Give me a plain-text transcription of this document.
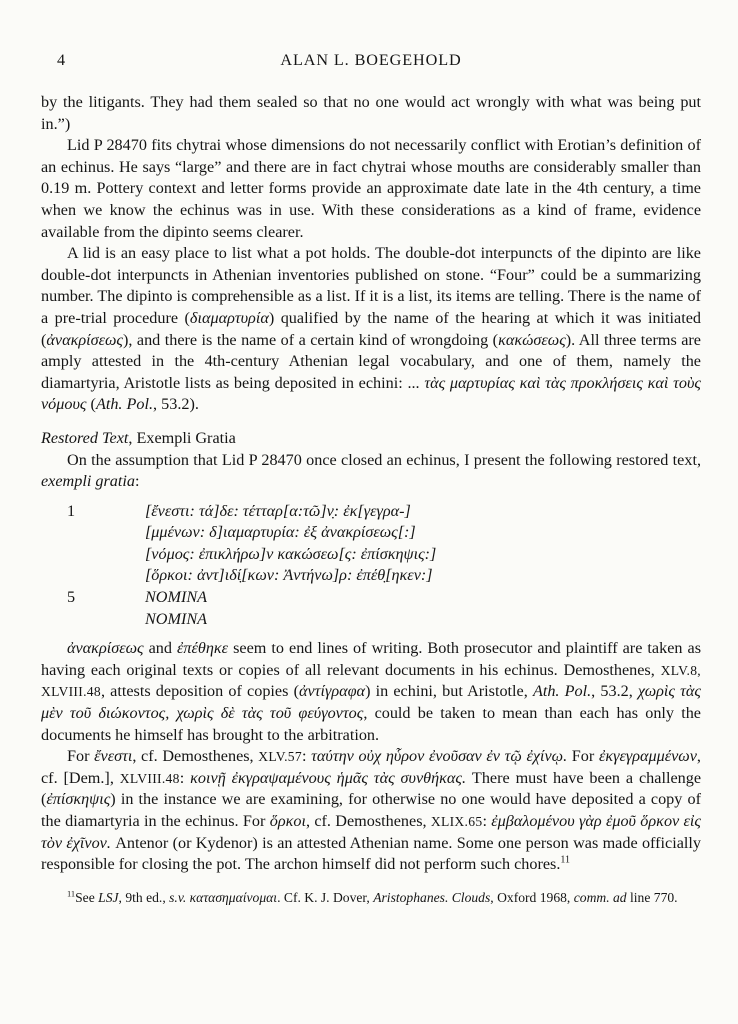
4	ALAN L. BOEGEHOLD

by the litigants. They had them sealed so that no one would act wrongly with what was being put in.”)

Lid P 28470 fits chytrai whose dimensions do not necessarily conflict with Erotian’s definition of an echinus. He says “large” and there are in fact chytrai whose mouths are considerably smaller than 0.19 m. Pottery context and letter forms provide an approximate date late in the 4th century, a time when we know the echinus was in use. With these considerations as a kind of frame, evidence available from the dipinto seems clearer.

A lid is an easy place to list what a pot holds. The double-dot interpuncts of the dipinto are like double-dot interpuncts in Athenian inventories published on stone. “Four” could be a summarizing number. The dipinto is comprehensible as a list. If it is a list, its items are telling. There is the name of a pre-trial procedure (διαμαρτυρία) qualified by the name of the hearing at which it was initiated (ἀνακρίσεως), and there is the name of a certain kind of wrongdoing (κακώσεως). All three terms are amply attested in the 4th-century Athenian legal vocabulary, and one of them, namely the diamartyria, Aristotle lists as being deposited in echini: ... τὰς μαρτυρίας καὶ τὰς προκλήσεις καὶ τοὺς νόμους (Ath. Pol., 53.2).

Restored Text, Exempli Gratia

On the assumption that Lid P 28470 once closed an echinus, I present the following restored text, exempli gratia:

1	[ἔνεστι: τά]δε: τέτταρ[α:τῶ]ν̣: ἐκ[γεγρα-]
[μμένων: δ]ιαμαρτυρία: ἐξ ἀνακρίσεως[:]
[νόμος: ἐπικλήρω]ν κακώσεω[ς: ἐπίσκηψις:]
[ὅρκοι: ἀντ]ιδί̣[κων: Ἀντήνω]ρ: ἐπέθ̣[ηκεν:]
5	NOMINA
NOMINA

ἀνακρίσεως and ἐπέθηκε seem to end lines of writing. Both prosecutor and plaintiff are taken as having each original texts or copies of all relevant documents in his echinus. Demosthenes, XLV.8, XLVIII.48, attests deposition of copies (ἀντίγραφα) in echini, but Aristotle, Ath. Pol., 53.2, χωρὶς τὰς μὲν τοῦ διώκοντος, χωρὶς δὲ τὰς τοῦ φεύγοντος, could be taken to mean than each has only the documents he himself has brought to the arbitration.

For ἔνεστι, cf. Demosthenes, XLV.57: ταύτην οὐχ ηὗρον ἐνοῦσαν ἐν τῷ ἐχίνῳ. For ἐκγεγραμμένων, cf. [Dem.], XLVIII.48: κοινῇ ἐκγραψαμένους ἡμᾶς τὰς συνθήκας. There must have been a challenge (ἐπίσκηψις) in the instance we are examining, for otherwise no one would have deposited a copy of the diamartyria in the echinus. For ὅρκοι, cf. Demosthenes, XLIX.65: ἐμβαλομένου γὰρ ἐμοῦ ὅρκον εἰς τὸν ἐχῖνον. Antenor (or Kydenor) is an attested Athenian name. Some one person was made officially responsible for closing the pot. The archon himself did not perform such chores.$^{11}$

$^{11}$See LSJ, 9th ed., s.v. κατασημαίνομαι. Cf. K. J. Dover, Aristophanes. Clouds, Oxford 1968, comm. ad line 770.
